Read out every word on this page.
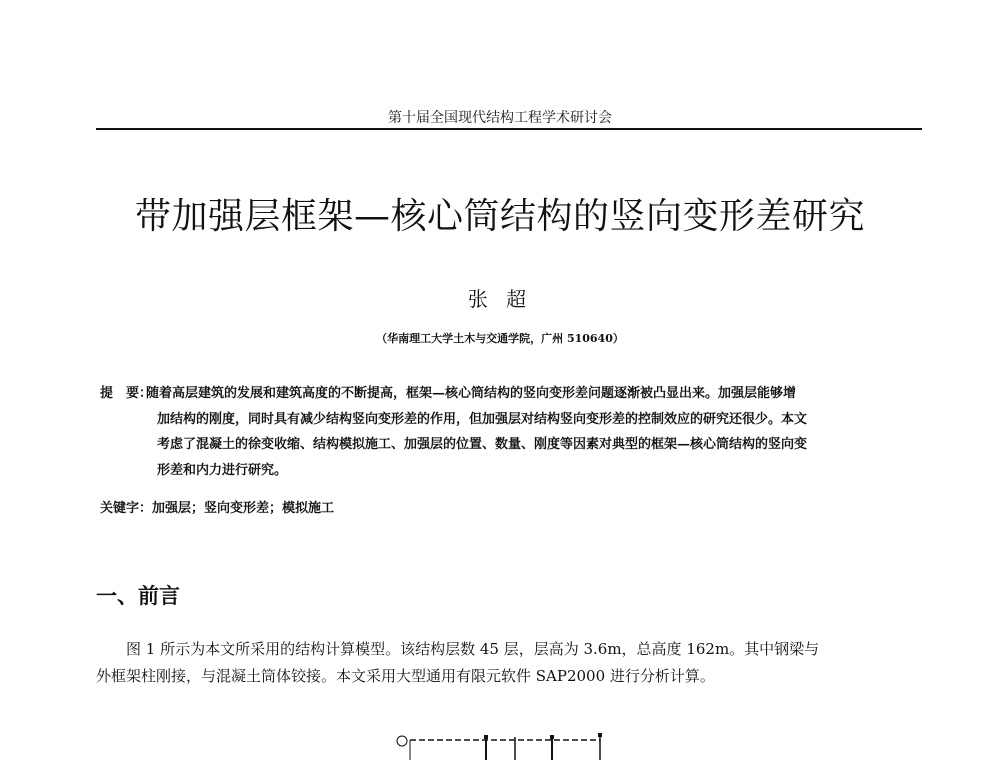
第十届全国现代结构工程学术研讨会
带加强层框架—核心筒结构的竖向变形差研究
张 超
（华南理工大学土木与交通学院，广州 510640）
提　要：
随着高层建筑的发展和建筑高度的不断提高，框架—核心筒结构的竖向变形差问题逐渐被凸显出来。加强层能够增
加结构的刚度，同时具有减少结构竖向变形差的作用，但加强层对结构竖向变形差的控制效应的研究还很少。本文
考虑了混凝土的徐变收缩、结构模拟施工、加强层的位置、数量、刚度等因素对典型的框架—核心筒结构的竖向变
形差和内力进行研究。
关键字：加强层；竖向变形差；模拟施工
一、前言
图 1 所示为本文所采用的结构计算模型。该结构层数 45 层，层高为 3.6m，总高度 162m。其中钢梁与
外框架柱刚接，与混凝土筒体铰接。本文采用大型通用有限元软件 SAP2000 进行分析计算。
